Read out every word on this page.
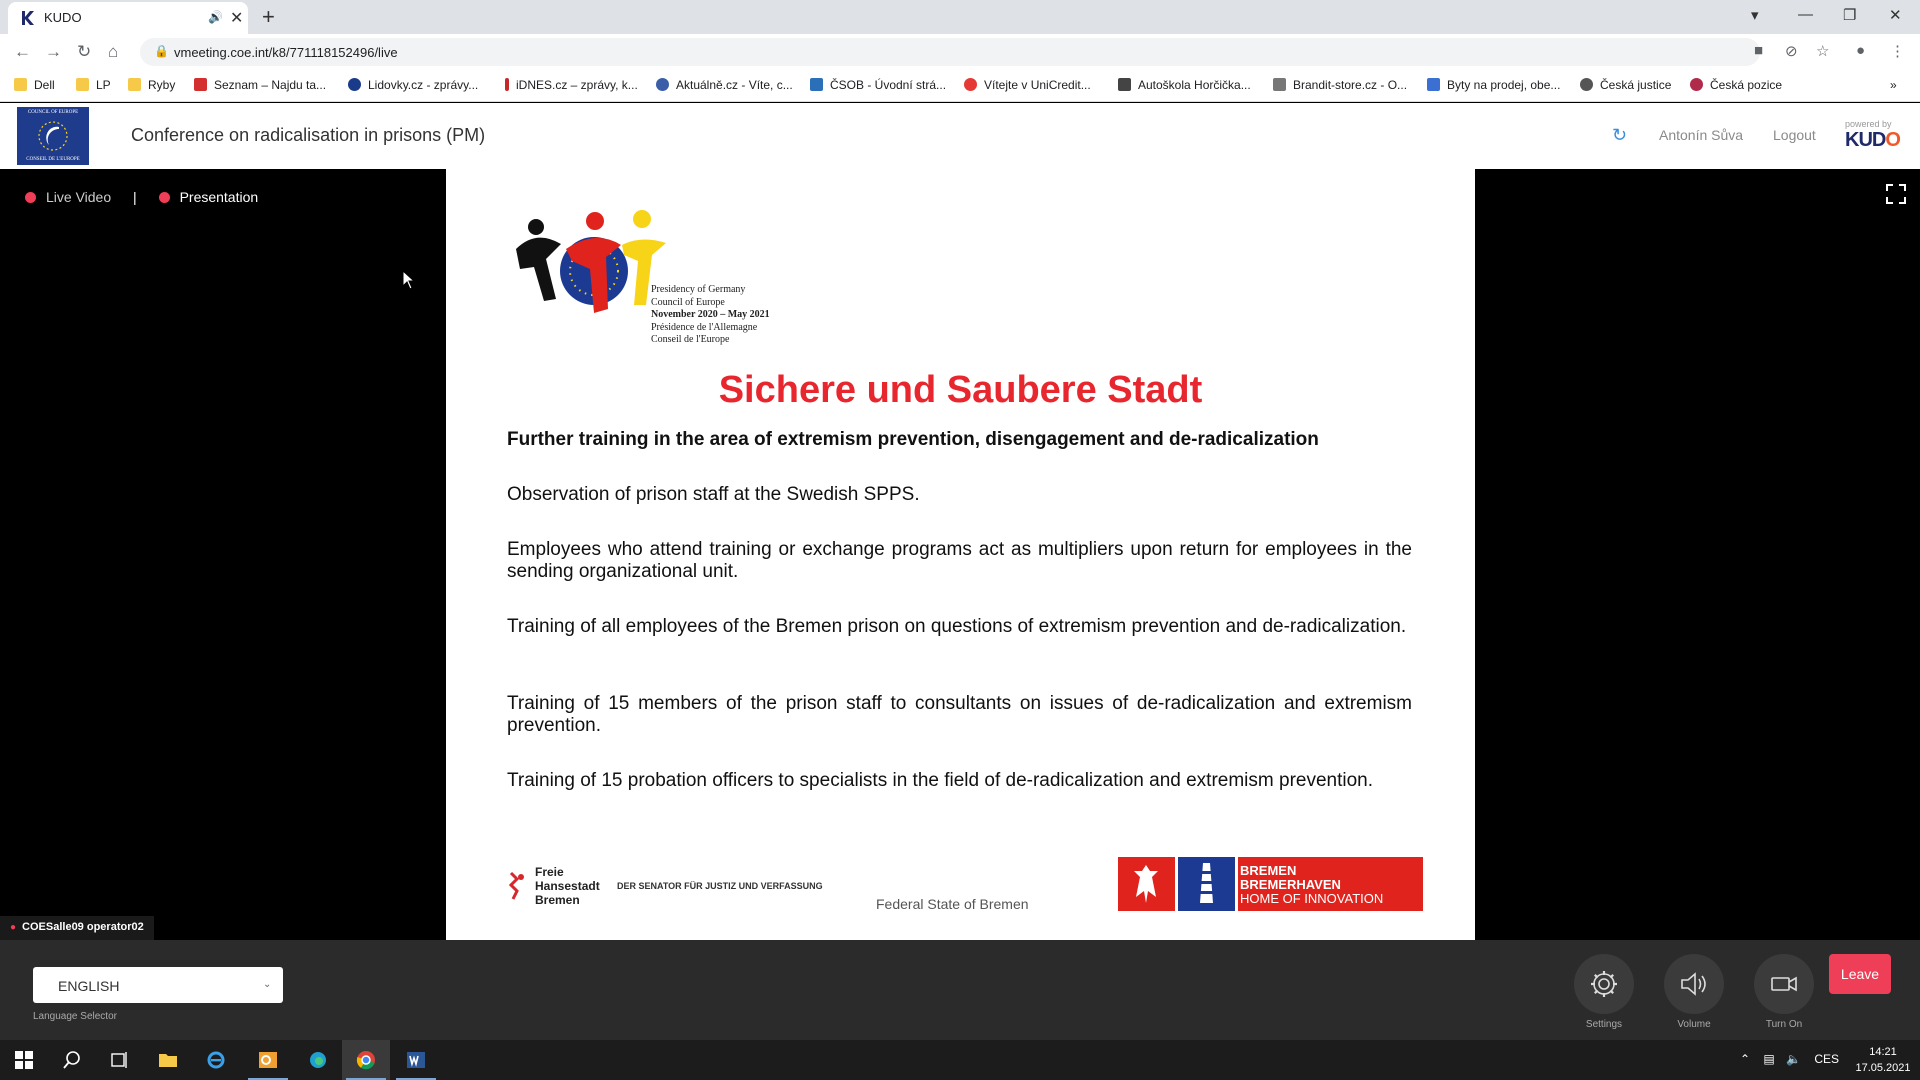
KUDO	🔊 ✕ +	▾	— ❐ ✕
← → ↻ ⌂	🔒 vmeeting.coe.int/k8/771118152496/live	■ ⊘ ☆ ● ⋮
Dell	LP	Ryby	Seznam – Najdu ta...	Lidovky.cz - zprávy...	iDNES.cz – zprávy, k...	Aktuálně.cz - Víte, c...	ČSOB - Úvodní strá...	Vítejte v UniCredit...	Autoškola Horčička...	Brandit-store.cz - O...	Byty na prodej, obe...	Česká justice	Česká pozice	»
COUNCIL OF EUROPE
CONSEIL DE L'EUROPE
Conference on radicalisation in prisons (PM)	↻ Antonín Sůva Logout
powered by
KUDO
Live Video |	Presentation
Presidency of Germany
Council of Europe
November 2020 – May 2021
Présidence de l'Allemagne
Conseil de l'Europe
Sichere und Saubere Stadt
Further training in the area of extremism prevention, disengagement and de-radicalization
Observation of prison staff at the Swedish SPPS.
Employees who attend training or exchange programs act as multipliers upon return for employees in the sending organizational unit.
Training of all employees of the Bremen prison on questions of extremism prevention and de-radicalization.
Training of 15 members of the prison staff to consultants on issues of de-radicalization and extremism prevention.
Training of 15 probation officers to specialists in the field of de-radicalization and extremism prevention.
Freie
Hansestadt
Bremen
DER SENATOR FÜR JUSTIZ UND VERFASSUNG
Federal State of Bremen
BREMEN
BREMERHAVEN
HOME OF INNOVATION
● COESalle09 operator02
ENGLISH	⌄
Language Selector
Settings	Volume	Turn On
Leave
⌃ ▤ 🔈 CES	14:21
17.05.2021
